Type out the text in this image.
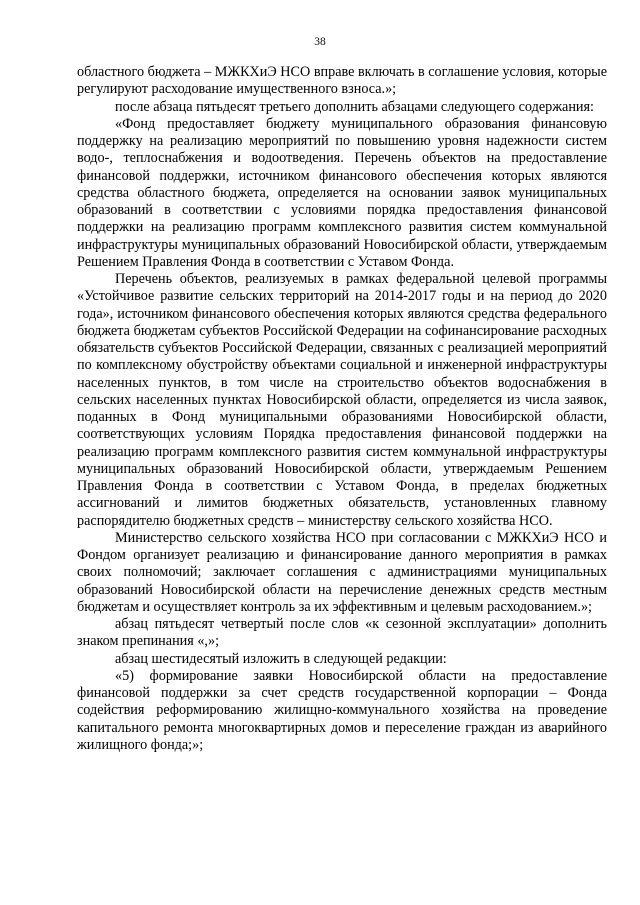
38

областного бюджета – МЖКХиЭ НСО вправе включать в соглашение условия, которые регулируют расходование имущественного взноса.»;

после абзаца пятьдесят третьего дополнить абзацами следующего содержания:

«Фонд предоставляет бюджету муниципального образования финансовую поддержку на реализацию мероприятий по повышению уровня надежности систем водо-, теплоснабжения и водоотведения. Перечень объектов на предоставление финансовой поддержки, источником финансового обеспечения которых являются средства областного бюджета, определяется на основании заявок муниципальных образований в соответствии с условиями порядка предоставления финансовой поддержки на реализацию программ комплексного развития систем коммунальной инфраструктуры муниципальных образований Новосибирской области, утверждаемым Решением Правления Фонда в соответствии с Уставом Фонда.

Перечень объектов, реализуемых в рамках федеральной целевой программы «Устойчивое развитие сельских территорий на 2014-2017 годы и на период до 2020 года», источником финансового обеспечения которых являются средства федерального бюджета бюджетам субъектов Российской Федерации на софинансирование расходных обязательств субъектов Российской Федерации, связанных с реализацией мероприятий по комплексному обустройству объектами социальной и инженерной инфраструктуры населенных пунктов, в том числе на строительство объектов водоснабжения в сельских населенных пунктах Новосибирской области, определяется из числа заявок, поданных в Фонд муниципальными образованиями Новосибирской области, соответствующих условиям Порядка предоставления финансовой поддержки на реализацию программ комплексного развития систем коммунальной инфраструктуры муниципальных образований Новосибирской области, утверждаемым Решением Правления Фонда в соответствии с Уставом Фонда, в пределах бюджетных ассигнований и лимитов бюджетных обязательств, установленных главному распорядителю бюджетных средств – министерству сельского хозяйства НСО.

Министерство сельского хозяйства НСО при согласовании с МЖКХиЭ НСО и Фондом организует реализацию и финансирование данного мероприятия в рамках своих полномочий; заключает соглашения с администрациями муниципальных образований Новосибирской области на перечисление денежных средств местным бюджетам и осуществляет контроль за их эффективным и целевым расходованием.»;

абзац пятьдесят четвертый после слов «к сезонной эксплуатации» дополнить знаком препинания «,»;

абзац шестидесятый изложить в следующей редакции:

«5) формирование заявки Новосибирской области на предоставление финансовой поддержки за счет средств государственной корпорации – Фонда содействия реформированию жилищно-коммунального хозяйства на проведение капитального ремонта многоквартирных домов и переселение граждан из аварийного жилищного фонда;»;
